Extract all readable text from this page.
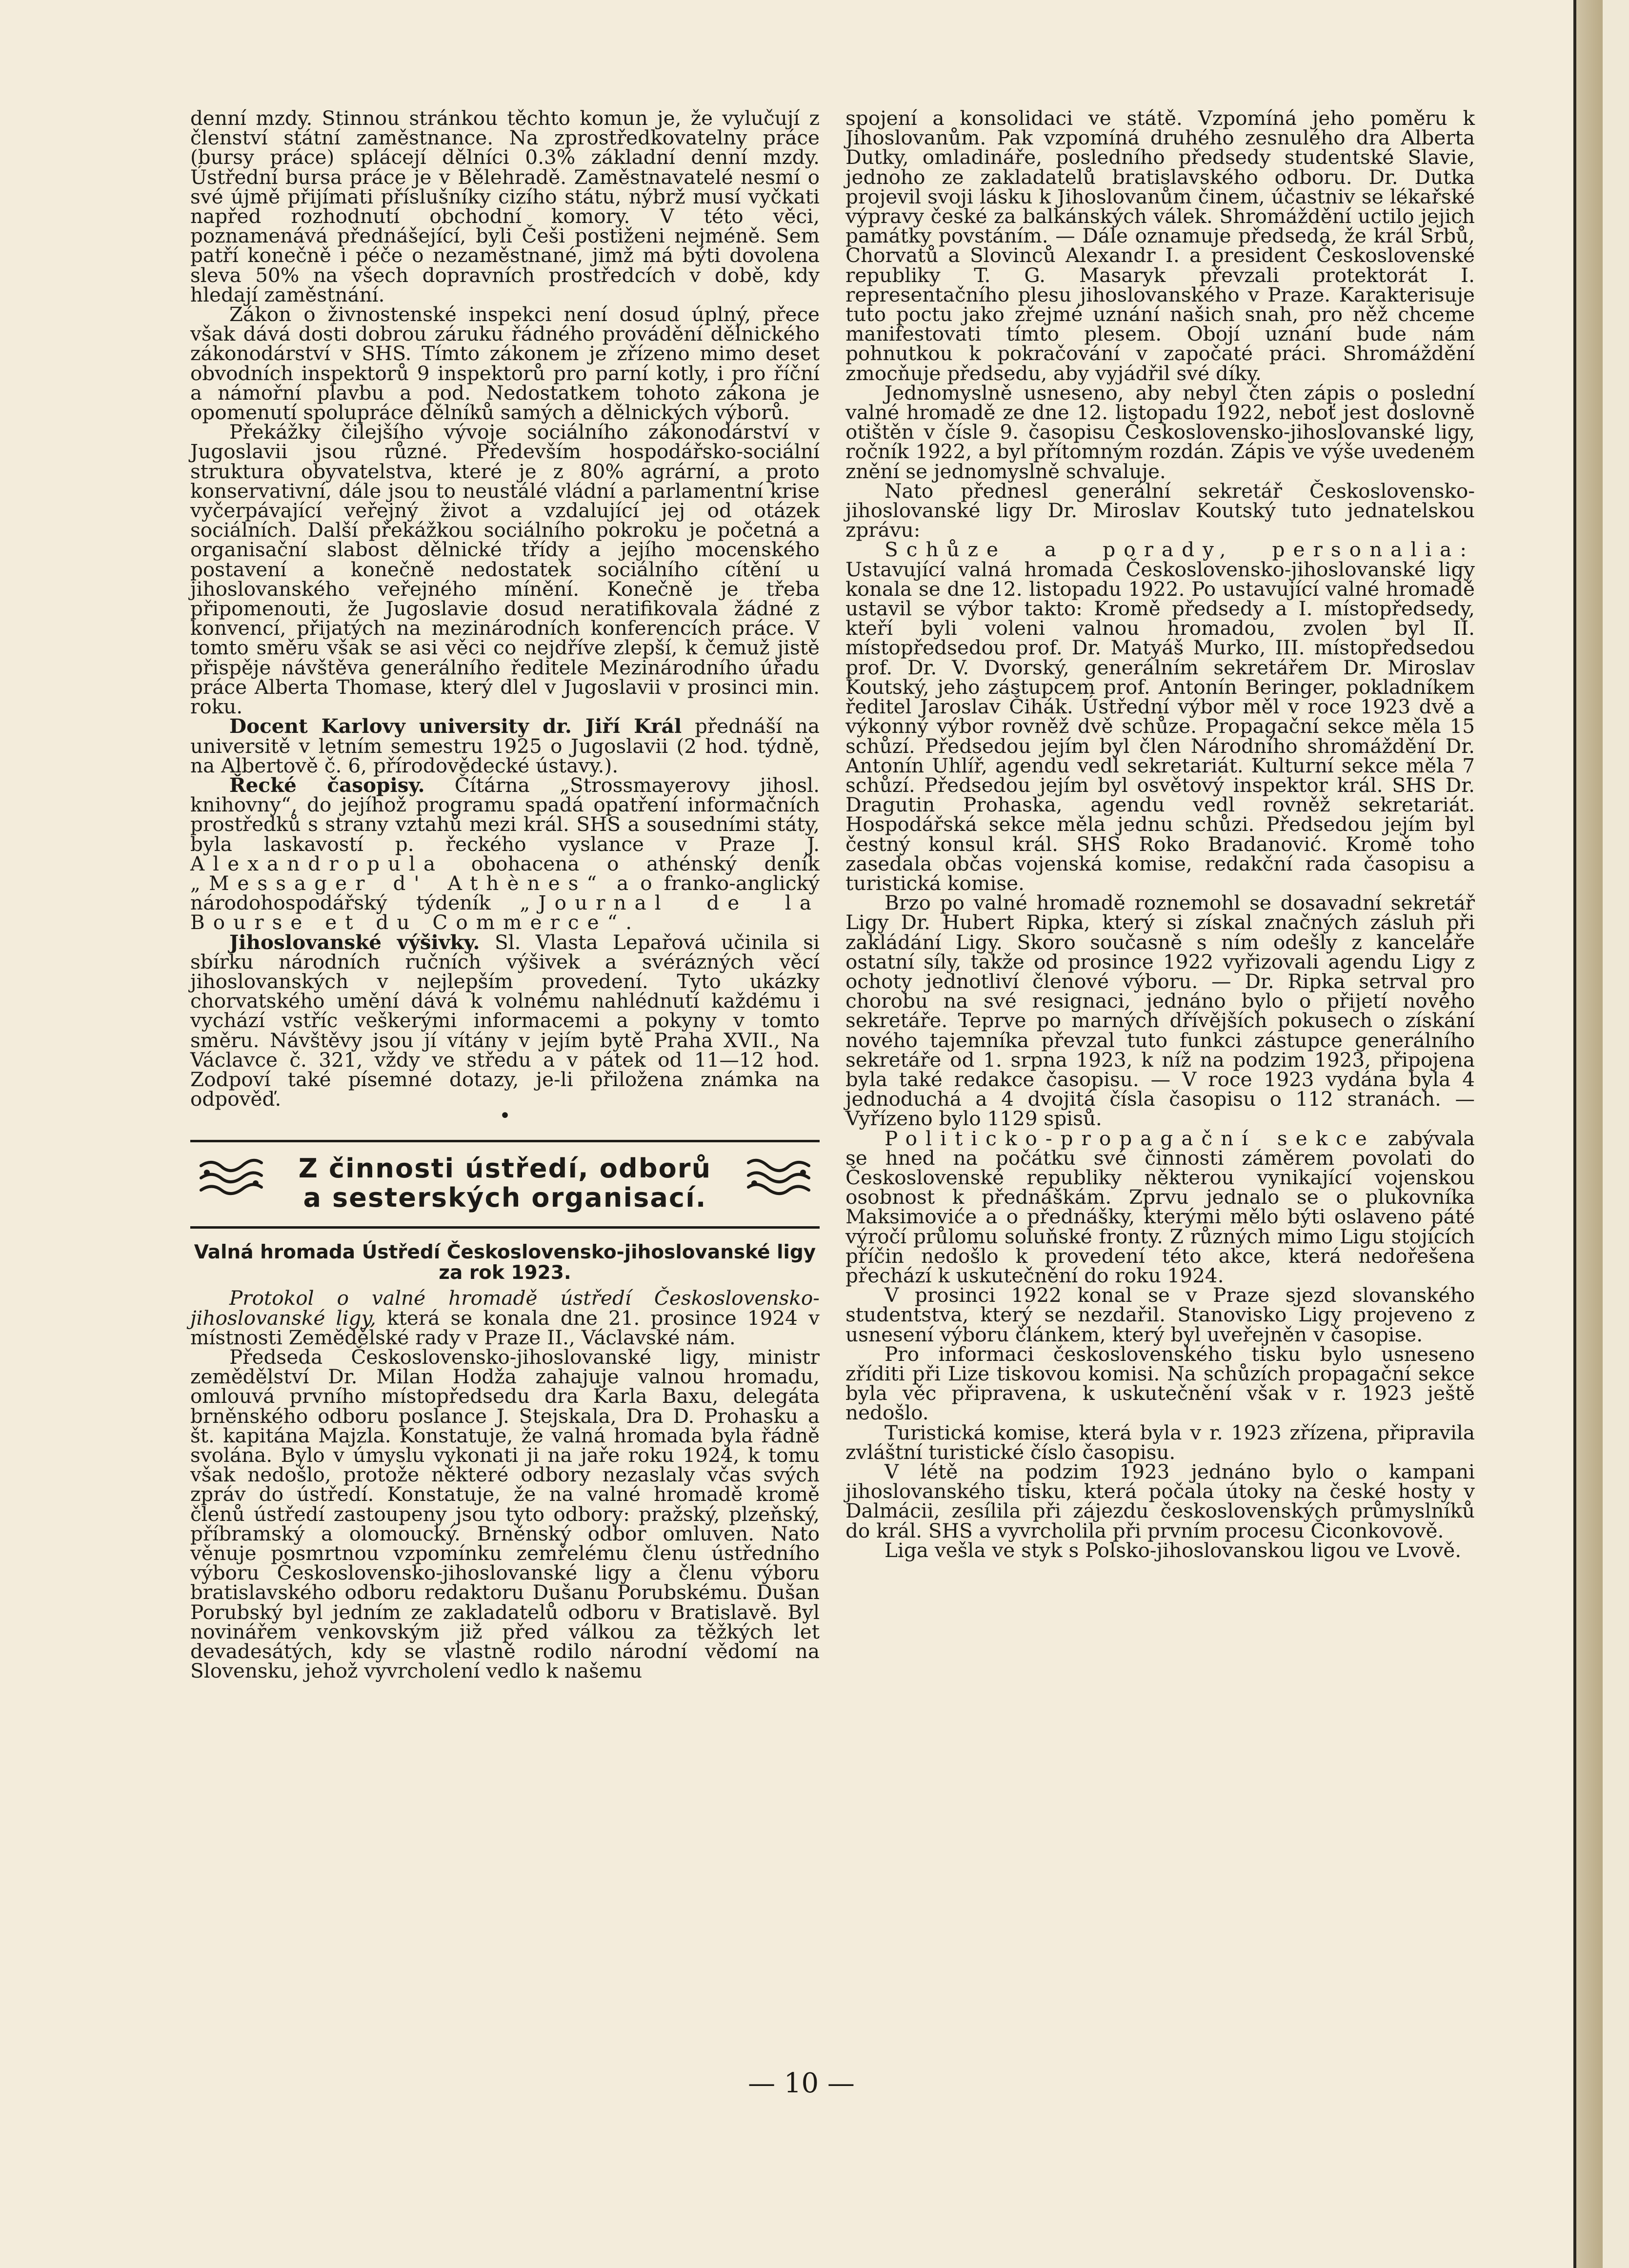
denní mzdy. Stinnou stránkou těchto komun je, že vylučují z členství státní zaměstnance. Na zprostředkovatelny práce (bursy práce) splácejí dělníci 0.3% základní denní mzdy. Ústřední bursa práce je v Bělehradě. Zaměstnavatelé nesmí o své újmě přijímati příslušníky cizího státu, nýbrž musí vyčkati napřed rozhodnutí obchodní komory. V této věci, poznamenává přednášející, byli Češi postiženi nejméně. Sem patří konečně i péče o nezaměstnané, jimž má býti dovolena sleva 50% na všech dopravních prostředcích v době, kdy hledají zaměstnání.

Zákon o živnostenské inspekci není dosud úplný, přece však dává dosti dobrou záruku řádného provádění dělnického zákonodárství v SHS. Tímto zákonem je zřízeno mimo deset obvodních inspektorů 9 inspektorů pro parní kotly, i pro říční a námořní plavbu a pod. Nedostatkem tohoto zákona je opomenutí spolupráce dělníků samých a dělnických výborů.

Překážky čilejšího vývoje sociálního zákonodárství v Jugoslavii jsou různé. Především hospodářsko-sociální struktura obyvatelstva, které je z 80% agrární, a proto konservativní, dále jsou to neustálé vládní a parlamentní krise vyčerpávající veřejný život a vzdalující jej od otázek sociálních. Další překážkou sociálního pokroku je početná a organisační slabost dělnické třídy a jejího mocenského postavení a konečně nedostatek sociálního cítění u jihoslovanského veřejného mínění. Konečně je třeba připomenouti, že Jugoslavie dosud neratifikovala žádné z konvencí, přijatých na mezinárodních konferencích práce. V tomto směru však se asi věci co nejdříve zlepší, k čemuž jistě přispěje návštěva generálního ředitele Mezinárodního úřadu práce Alberta Thomase, který dlel v Jugoslavii v prosinci min. roku.

Docent Karlovy university dr. Jiří Král přednáší na universitě v letním semestru 1925 o Jugoslavii (2 hod. týdně, na Albertově č. 6, přírodovědecké ústavy.).

Řecké časopisy. Čítárna „Strossmayerovy jihosl. knihovny“, do jejíhož programu spadá opatření informačních prostředků s strany vztahů mezi král. SHS a sousedními státy, byla laskavostí p. řeckého vyslance v Praze J. Alexandropula obohacena o athénský deník „Messager d' Athènes“ a o franko-anglický národohospodářský týdeník „Journal de la Bourse et du Commerce“.

Jihoslovanské výšivky. Sl. Vlasta Lepařová učinila si sbírku národních ručních výšivek a svérázných věcí jihoslovanských v nejlepším provedení. Tyto ukázky chorvatského umění dává k volnému nahlédnutí každému i vychází vstříc veškerými informacemi a pokyny v tomto směru. Návštěvy jsou jí vítány v jejím bytě Praha XVII., Na Václavce č. 321, vždy ve středu a v pátek od 11—12 hod. Zodpoví také písemné dotazy, je-li přiložena známka na odpověď.

•
Z činnosti ústředí, odborů
a sesterských organisací.
Valná hromada Ústředí Československo-jihoslovanské ligy za rok 1923.

Protokol o valné hromadě ústředí Československo-jihoslovanské ligy, která se konala dne 21. prosince 1924 v místnosti Zemědělské rady v Praze II., Václavské nám.

Předseda Československo-jihoslovanské ligy, ministr zemědělství Dr. Milan Hodža zahajuje valnou hromadu, omlouvá prvního místopředsedu dra Karla Baxu, delegáta brněnského odboru poslance J. Stejskala, Dra D. Prohasku a št. kapitána Majzla. Konstatuje, že valná hromada byla řádně svolána. Bylo v úmyslu vykonati ji na jaře roku 1924, k tomu však nedošlo, protože některé odbory nezaslaly včas svých zpráv do ústředí. Konstatuje, že na valné hromadě kromě členů ústředí zastoupeny jsou tyto odbory: pražský, plzeňský, příbramský a olomoucký. Brněnský odbor omluven. Nato věnuje posmrtnou vzpomínku zemřelému členu ústředního výboru Československo-jihoslovanské ligy a členu výboru bratislavského odboru redaktoru Dušanu Porubskému. Dušan Porubský byl jedním ze zakladatelů odboru v Bratislavě. Byl novinářem venkovským již před válkou za těžkých let devadesátých, kdy se vlastně rodilo národní vědomí na Slovensku, jehož vyvrcholení vedlo k našemu

spojení a konsolidaci ve státě. Vzpomíná jeho poměru k Jihoslovanům. Pak vzpomíná druhého zesnulého dra Alberta Dutky, omladináře, posledního předsedy studentské Slavie, jednoho ze zakladatelů bratislavského odboru. Dr. Dutka projevil svoji lásku k Jihoslovanům činem, účastniv se lékařské výpravy české za balkánských válek. Shromáždění uctilo jejich památky povstáním. — Dále oznamuje předseda, že král Srbů, Chorvatů a Slovinců Alexandr I. a president Československé republiky T. G. Masaryk převzali protektorát I. representačního plesu jihoslovanského v Praze. Karakterisuje tuto poctu jako zřejmé uznání našich snah, pro něž chceme manifestovati tímto plesem. Obojí uznání bude nám pohnutkou k pokračování v započaté práci. Shromáždění zmocňuje předsedu, aby vyjádřil své díky.

Jednomyslně usneseno, aby nebyl čten zápis o poslední valné hromadě ze dne 12. listopadu 1922, neboť jest doslovně otištěn v čísle 9. časopisu Československo-jihoslovanské ligy, ročník 1922, a byl přítomným rozdán. Zápis ve výše uvedeném znění se jednomyslně schvaluje.

Nato přednesl generální sekretář Československo-jihoslovanské ligy Dr. Miroslav Koutský tuto jednatelskou zprávu:

Schůze a porady, personalia: Ustavující valná hromada Československo-jihoslovanské ligy konala se dne 12. listopadu 1922. Po ustavující valné hromadě ustavil se výbor takto: Kromě předsedy a I. místopředsedy, kteří byli voleni valnou hromadou, zvolen byl II. místopředsedou prof. Dr. Matyáš Murko, III. místopředsedou prof. Dr. V. Dvorský, generálním sekretářem Dr. Miroslav Koutský, jeho zástupcem prof. Antonín Beringer, pokladníkem ředitel Jaroslav Čihák. Ústřední výbor měl v roce 1923 dvě a výkonný výbor rovněž dvě schůze. Propagační sekce měla 15 schůzí. Předsedou jejím byl člen Národního shromáždění Dr. Antonín Uhlíř, agendu vedl sekretariát. Kulturní sekce měla 7 schůzí. Předsedou jejím byl osvětový inspektor král. SHS Dr. Dragutin Prohaska, agendu vedl rovněž sekretariát. Hospodářská sekce měla jednu schůzi. Předsedou jejím byl čestný konsul král. SHS Roko Bradanović. Kromě toho zasedala občas vojenská komise, redakční rada časopisu a turistická komise.

Brzo po valné hromadě roznemohl se dosavadní sekretář Ligy Dr. Hubert Ripka, který si získal značných zásluh při zakládání Ligy. Skoro současně s ním odešly z kanceláře ostatní síly, takže od prosince 1922 vyřizovali agendu Ligy z ochoty jednotliví členové výboru. — Dr. Ripka setrval pro chorobu na své resignaci, jednáno bylo o přijetí nového sekretáře. Teprve po marných dřívějších pokusech o získání nového tajemníka převzal tuto funkci zástupce generálního sekretáře od 1. srpna 1923, k níž na podzim 1923, připojena byla také redakce časopisu. — V roce 1923 vydána byla 4 jednoduchá a 4 dvojitá čísla časopisu o 112 stranách. — Vyřízeno bylo 1129 spisů.

Politicko-propagační sekce zabývala se hned na počátku své činnosti záměrem povolati do Československé republiky některou vynikající vojenskou osobnost k přednáškám. Zprvu jednalo se o plukovníka Maksimoviće a o přednášky, kterými mělo býti oslaveno páté výročí průlomu soluňské fronty. Z různých mimo Ligu stojících příčin nedošlo k provedení této akce, která nedořešena přechází k uskutečnění do roku 1924.

V prosinci 1922 konal se v Praze sjezd slovanského studentstva, který se nezdařil. Stanovisko Ligy projeveno z usnesení výboru článkem, který byl uveřejněn v časopise.

Pro informaci československého tisku bylo usneseno zříditi při Lize tiskovou komisi. Na schůzích propagační sekce byla věc připravena, k uskutečnění však v r. 1923 ještě nedošlo.

Turistická komise, která byla v r. 1923 zřízena, připravila zvláštní turistické číslo časopisu.

V létě na podzim 1923 jednáno bylo o kampani jihoslovanského tisku, která počala útoky na české hosty v Dalmácii, zesílila při zájezdu československých průmyslníků do král. SHS a vyvrcholila při prvním procesu Čiconkovově.

Liga vešla ve styk s Polsko-jihoslovanskou ligou ve Lvově.

— 10 —
